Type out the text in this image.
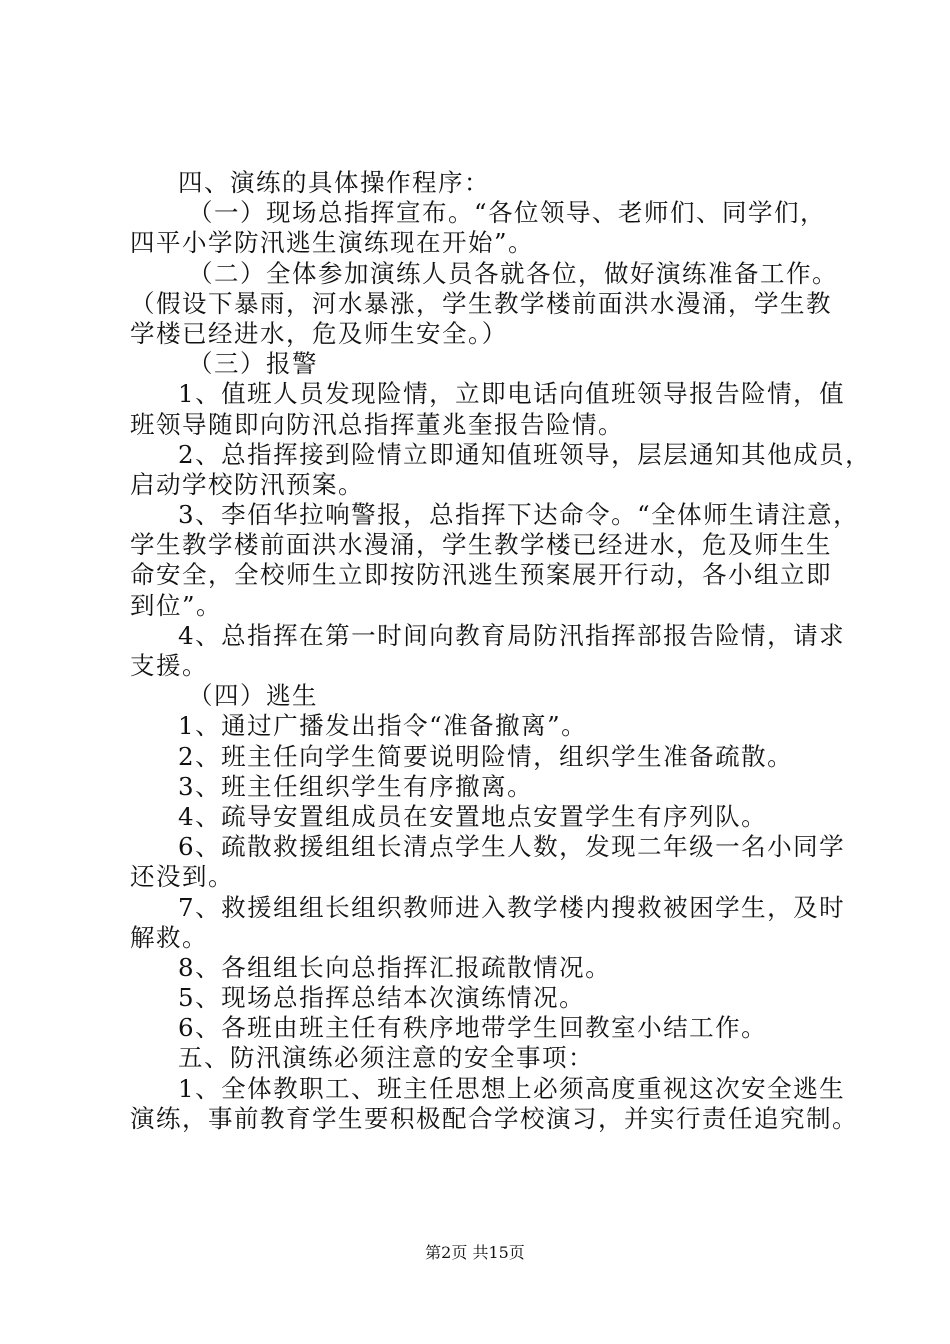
四、演练的具体操作程序：
（一）现场总指挥宣布。“各位领导、老师们、同学们，
四平小学防汛逃生演练现在开始”。
（二）全体参加演练人员各就各位，做好演练准备工作。
（假设下暴雨，河水暴涨，学生教学楼前面洪水漫涌，学生教
学楼已经进水，危及师生安全。）
（三）报警
1、值班人员发现险情，立即电话向值班领导报告险情，值
班领导随即向防汛总指挥董兆奎报告险情。
2、总指挥接到险情立即通知值班领导，层层通知其他成员，
启动学校防汛预案。
3、李佰华拉响警报，总指挥下达命令。“全体师生请注意，
学生教学楼前面洪水漫涌，学生教学楼已经进水，危及师生生
命安全，全校师生立即按防汛逃生预案展开行动，各小组立即
到位”。
4、总指挥在第一时间向教育局防汛指挥部报告险情，请求
支援。
（四）逃生
1、通过广播发出指令“准备撤离”。
2、班主任向学生简要说明险情，组织学生准备疏散。
3、班主任组织学生有序撤离。
4、疏导安置组成员在安置地点安置学生有序列队。
6、疏散救援组组长清点学生人数，发现二年级一名小同学
还没到。
7、救援组组长组织教师进入教学楼内搜救被困学生，及时
解救。
8、各组组长向总指挥汇报疏散情况。
5、现场总指挥总结本次演练情况。
6、各班由班主任有秩序地带学生回教室小结工作。
五、防汛演练必须注意的安全事项：
1、全体教职工、班主任思想上必须高度重视这次安全逃生
演练，事前教育学生要积极配合学校演习，并实行责任追究制。
第2页 共15页
